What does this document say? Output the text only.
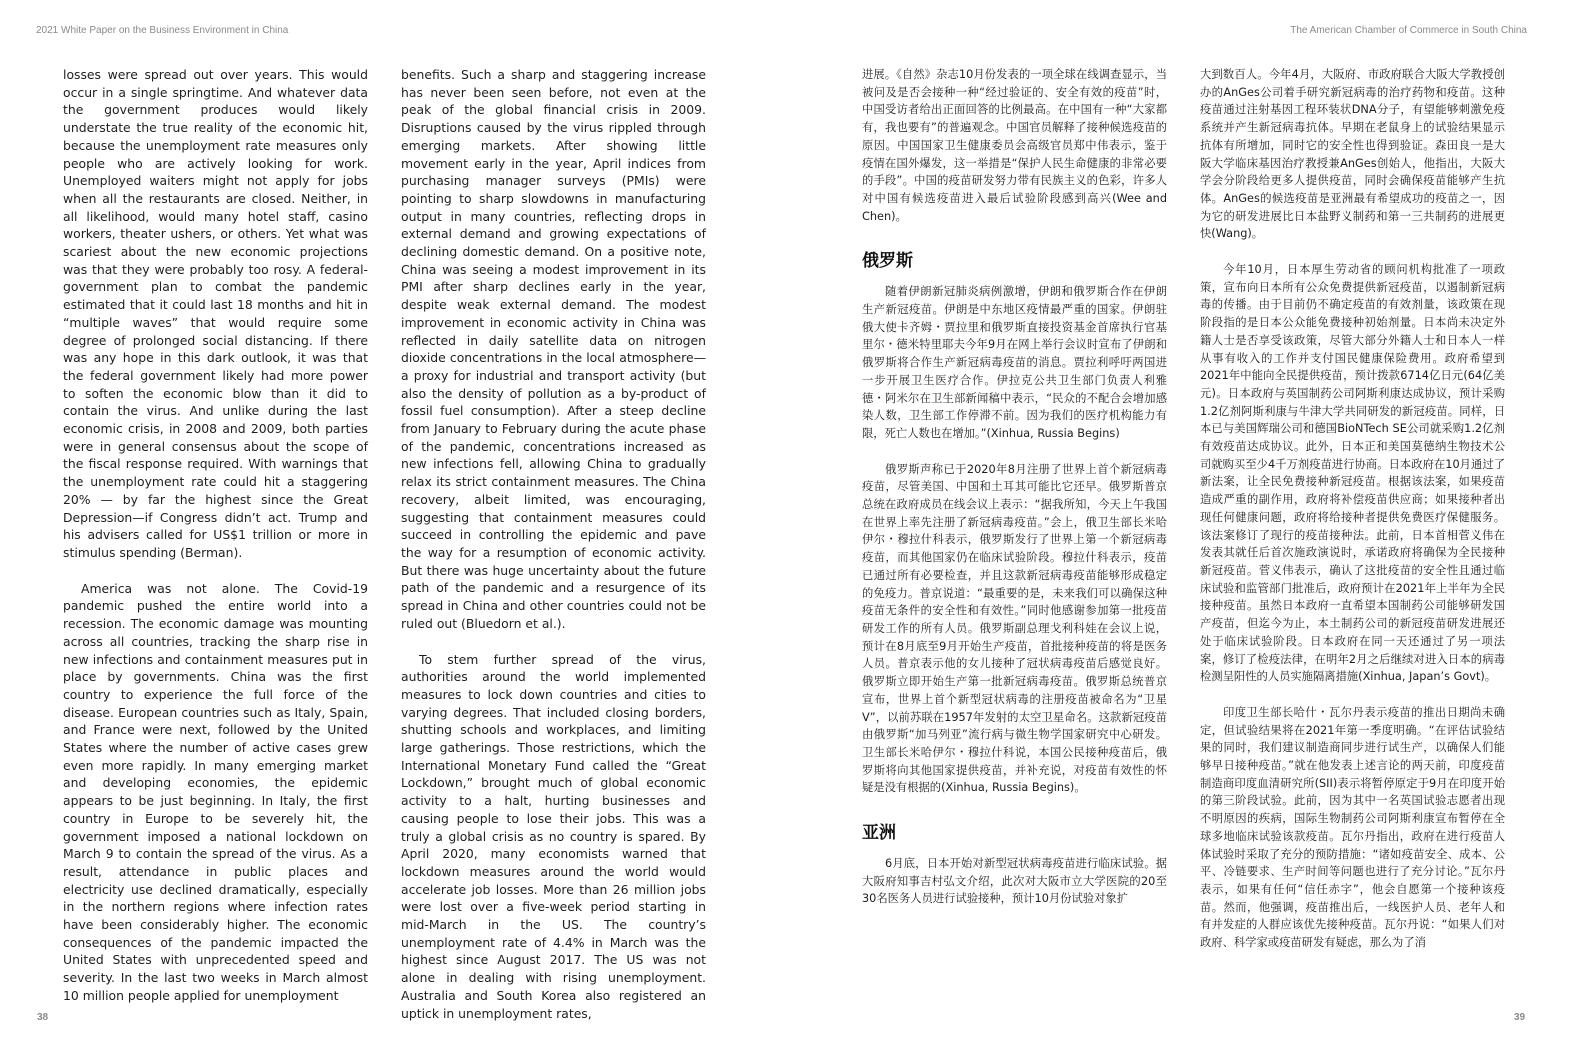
2021 White Paper on the Business Environment in China	The American Chamber of Commerce in South China

losses were spread out over years. This would occur in a single springtime. And whatever data the government produces would likely understate the true reality of the economic hit, because the unemployment rate measures only people who are actively looking for work. Unemployed waiters might not apply for jobs when all the restaurants are closed. Neither, in all likelihood, would many hotel staff, casino workers, theater ushers, or others. Yet what was scariest about the new economic projections was that they were probably too rosy. A federal-government plan to combat the pandemic estimated that it could last 18 months and hit in “multiple waves” that would require some degree of prolonged social distancing. If there was any hope in this dark outlook, it was that the federal government likely had more power to soften the economic blow than it did to contain the virus. And unlike during the last economic crisis, in 2008 and 2009, both parties were in general consensus about the scope of the fiscal response required. With warnings that the unemployment rate could hit a staggering 20% — by far the highest since the Great Depression—if Congress didn’t act. Trump and his advisers called for US$1 trillion or more in stimulus spending (Berman).

America was not alone. The Covid-19 pandemic pushed the entire world into a recession. The economic damage was mounting across all countries, tracking the sharp rise in new infections and containment measures put in place by governments. China was the first country to experience the full force of the disease. European countries such as Italy, Spain, and France were next, followed by the United States where the number of active cases grew even more rapidly. In many emerging market and developing economies, the epidemic appears to be just beginning. In Italy, the first country in Europe to be severely hit, the government imposed a national lockdown on March 9 to contain the spread of the virus. As a result, attendance in public places and electricity use declined dramatically, especially in the northern regions where infection rates have been considerably higher. The economic consequences of the pandemic impacted the United States with unprecedented speed and severity. In the last two weeks in March almost 10 million people applied for unemployment

benefits. Such a sharp and staggering increase has never been seen before, not even at the peak of the global financial crisis in 2009. Disruptions caused by the virus rippled through emerging markets. After showing little movement early in the year, April indices from purchasing manager surveys (PMIs) were pointing to sharp slowdowns in manufacturing output in many countries, reflecting drops in external demand and growing expectations of declining domestic demand. On a positive note, China was seeing a modest improvement in its PMI after sharp declines early in the year, despite weak external demand. The modest improvement in economic activity in China was reflected in daily satellite data on nitrogen dioxide concentrations in the local atmosphere—a proxy for industrial and transport activity (but also the density of pollution as a by-product of fossil fuel consumption). After a steep decline from January to February during the acute phase of the pandemic, concentrations increased as new infections fell, allowing China to gradually relax its strict containment measures. The China recovery, albeit limited, was encouraging, suggesting that containment measures could succeed in controlling the epidemic and pave the way for a resumption of economic activity. But there was huge uncertainty about the future path of the pandemic and a resurgence of its spread in China and other countries could not be ruled out (Bluedorn et al.).

To stem further spread of the virus, authorities around the world implemented measures to lock down countries and cities to varying degrees. That included closing borders, shutting schools and workplaces, and limiting large gatherings. Those restrictions, which the International Monetary Fund called the “Great Lockdown,” brought much of global economic activity to a halt, hurting businesses and causing people to lose their jobs. This was a truly a global crisis as no country is spared. By April 2020, many economists warned that lockdown measures around the world would accelerate job losses. More than 26 million jobs were lost over a five-week period starting in mid-March in the US. The country’s unemployment rate of 4.4% in March was the highest since August 2017. The US was not alone in dealing with rising unemployment. Australia and South Korea also registered an uptick in unemployment rates,

进展。《自然》杂志10月份发表的一项全球在线调查显示，当被问及是否会接种一种“经过验证的、安全有效的疫苗”时，中国受访者给出正面回答的比例最高。在中国有一种“大家都有，我也要有”的普遍观念。中国官员解释了接种候选疫苗的原因。中国国家卫生健康委员会高级官员郑中伟表示，鉴于疫情在国外爆发，这一举措是“保护人民生命健康的非常必要的手段”。中国的疫苗研发努力带有民族主义的色彩，许多人对中国有候选疫苗进入最后试验阶段感到高兴(Wee and Chen)。

俄罗斯

随着伊朗新冠肺炎病例激增，伊朗和俄罗斯合作在伊朗生产新冠疫苗。伊朗是中东地区疫情最严重的国家。伊朗驻俄大使卡齐姆・贾拉里和俄罗斯直接投资基金首席执行官基里尔・德米特里耶夫今年9月在网上举行会议时宣布了伊朗和俄罗斯将合作生产新冠病毒疫苗的消息。贾拉利呼吁两国进一步开展卫生医疗合作。伊拉克公共卫生部门负责人利雅德・阿米尔在卫生部新闻稿中表示，“民众的不配合会增加感染人数，卫生部工作停滞不前。因为我们的医疗机构能力有限，死亡人数也在增加。”(Xinhua, Russia Begins)

俄罗斯声称已于2020年8月注册了世界上首个新冠病毒疫苗，尽管美国、中国和土耳其可能比它还早。俄罗斯普京总统在政府成员在线会议上表示：“据我所知，今天上午我国在世界上率先注册了新冠病毒疫苗。”会上，俄卫生部长米哈伊尔・穆拉什科表示，俄罗斯发行了世界上第一个新冠病毒疫苗，而其他国家仍在临床试验阶段。穆拉什科表示，疫苗已通过所有必要检查，并且这款新冠病毒疫苗能够形成稳定的免疫力。普京说道：“最重要的是，未来我们可以确保这种疫苗无条件的安全性和有效性。”同时他感谢参加第一批疫苗研发工作的所有人员。俄罗斯副总理戈利科娃在会议上说，预计在8月底至9月开始生产疫苗，首批接种疫苗的将是医务人员。普京表示他的女儿接种了冠状病毒疫苗后感觉良好。俄罗斯立即开始生产第一批新冠病毒疫苗。俄罗斯总统普京宣布，世界上首个新型冠状病毒的注册疫苗被命名为“卫星V”，以前苏联在1957年发射的太空卫星命名。这款新冠疫苗由俄罗斯“加马列亚”流行病与微生物学国家研究中心研发。卫生部长米哈伊尔・穆拉什科说，本国公民接种疫苗后，俄罗斯将向其他国家提供疫苗，并补充说，对疫苗有效性的怀疑是没有根据的(Xinhua, Russia Begins)。

亚洲

6月底，日本开始对新型冠状病毒疫苗进行临床试验。据大阪府知事吉村弘文介绍，此次对大阪市立大学医院的20至30名医务人员进行试验接种，预计10月份试验对象扩

大到数百人。今年4月，大阪府、市政府联合大阪大学教授创办的AnGes公司着手研究新冠病毒的治疗药物和疫苗。这种疫苗通过注射基因工程环装状DNA分子，有望能够刺激免疫系统并产生新冠病毒抗体。早期在老鼠身上的试验结果显示抗体有所增加，同时它的安全性也得到验证。森田良一是大阪大学临床基因治疗教授兼AnGes创始人，他指出，大阪大学会分阶段给更多人提供疫苗，同时会确保疫苗能够产生抗体。AnGes的候选疫苗是亚洲最有希望成功的疫苗之一，因为它的研发进展比日本盐野义制药和第一三共制药的进展更快(Wang)。

今年10月，日本厚生劳动省的顾问机构批准了一项政策，宣布向日本所有公众免费提供新冠疫苗，以遏制新冠病毒的传播。由于目前仍不确定疫苗的有效剂量，该政策在现阶段指的是日本公众能免费接种初始剂量。日本尚未决定外籍人士是否享受该政策，尽管大部分外籍人士和日本人一样从事有收入的工作并支付国民健康保险费用。政府希望到2021年中能向全民提供疫苗，预计拨款6714亿日元(64亿美元)。日本政府与英国制药公司阿斯利康达成协议，预计采购1.2亿剂阿斯利康与牛津大学共同研发的新冠疫苗。同样，日本已与美国辉瑞公司和德国BioNTech SE公司就采购1.2亿剂有效疫苗达成协议。此外，日本正和美国莫德纳生物技术公司就购买至少4千万剂疫苗进行协商。日本政府在10月通过了新法案，让全民免费接种新冠疫苗。根据该法案，如果疫苗造成严重的副作用，政府将补偿疫苗供应商；如果接种者出现任何健康问题，政府将给接种者提供免费医疗保健服务。该法案修订了现行的疫苗接种法。此前，日本首相菅义伟在发表其就任后首次施政演说时，承诺政府将确保为全民接种新冠疫苗。菅义伟表示，确认了这批疫苗的安全性且通过临床试验和监管部门批准后，政府预计在2021年上半年为全民接种疫苗。虽然日本政府一直希望本国制药公司能够研发国产疫苗，但迄今为止，本土制药公司的新冠疫苗研发进展还处于临床试验阶段。日本政府在同一天还通过了另一项法案，修订了检疫法律，在明年2月之后继续对进入日本的病毒检测呈阳性的人员实施隔离措施(Xinhua, Japan’s Govt)。

印度卫生部长哈什・瓦尔丹表示疫苗的推出日期尚未确定，但试验结果将在2021年第一季度明确。“在评估试验结果的同时，我们建议制造商同步进行试生产，以确保人们能够早日接种疫苗。”就在他发表上述言论的两天前，印度疫苗制造商印度血清研究所(SII)表示将暂停原定于9月在印度开始的第三阶段试验。此前，因为其中一名英国试验志愿者出现不明原因的疾病，国际生物制药公司阿斯利康宣布暂停在全球多地临床试验该款疫苗。瓦尔丹指出，政府在进行疫苗人体试验时采取了充分的预防措施：“诸如疫苗安全、成本、公平、冷链要求、生产时间等问题也进行了充分讨论。”瓦尔丹表示，如果有任何“信任赤字”，他会自愿第一个接种该疫苗。然而，他强调，疫苗推出后，一线医护人员、老年人和有并发症的人群应该优先接种疫苗。瓦尔丹说：“如果人们对政府、科学家或疫苗研发有疑虑，那么为了消

38	39
